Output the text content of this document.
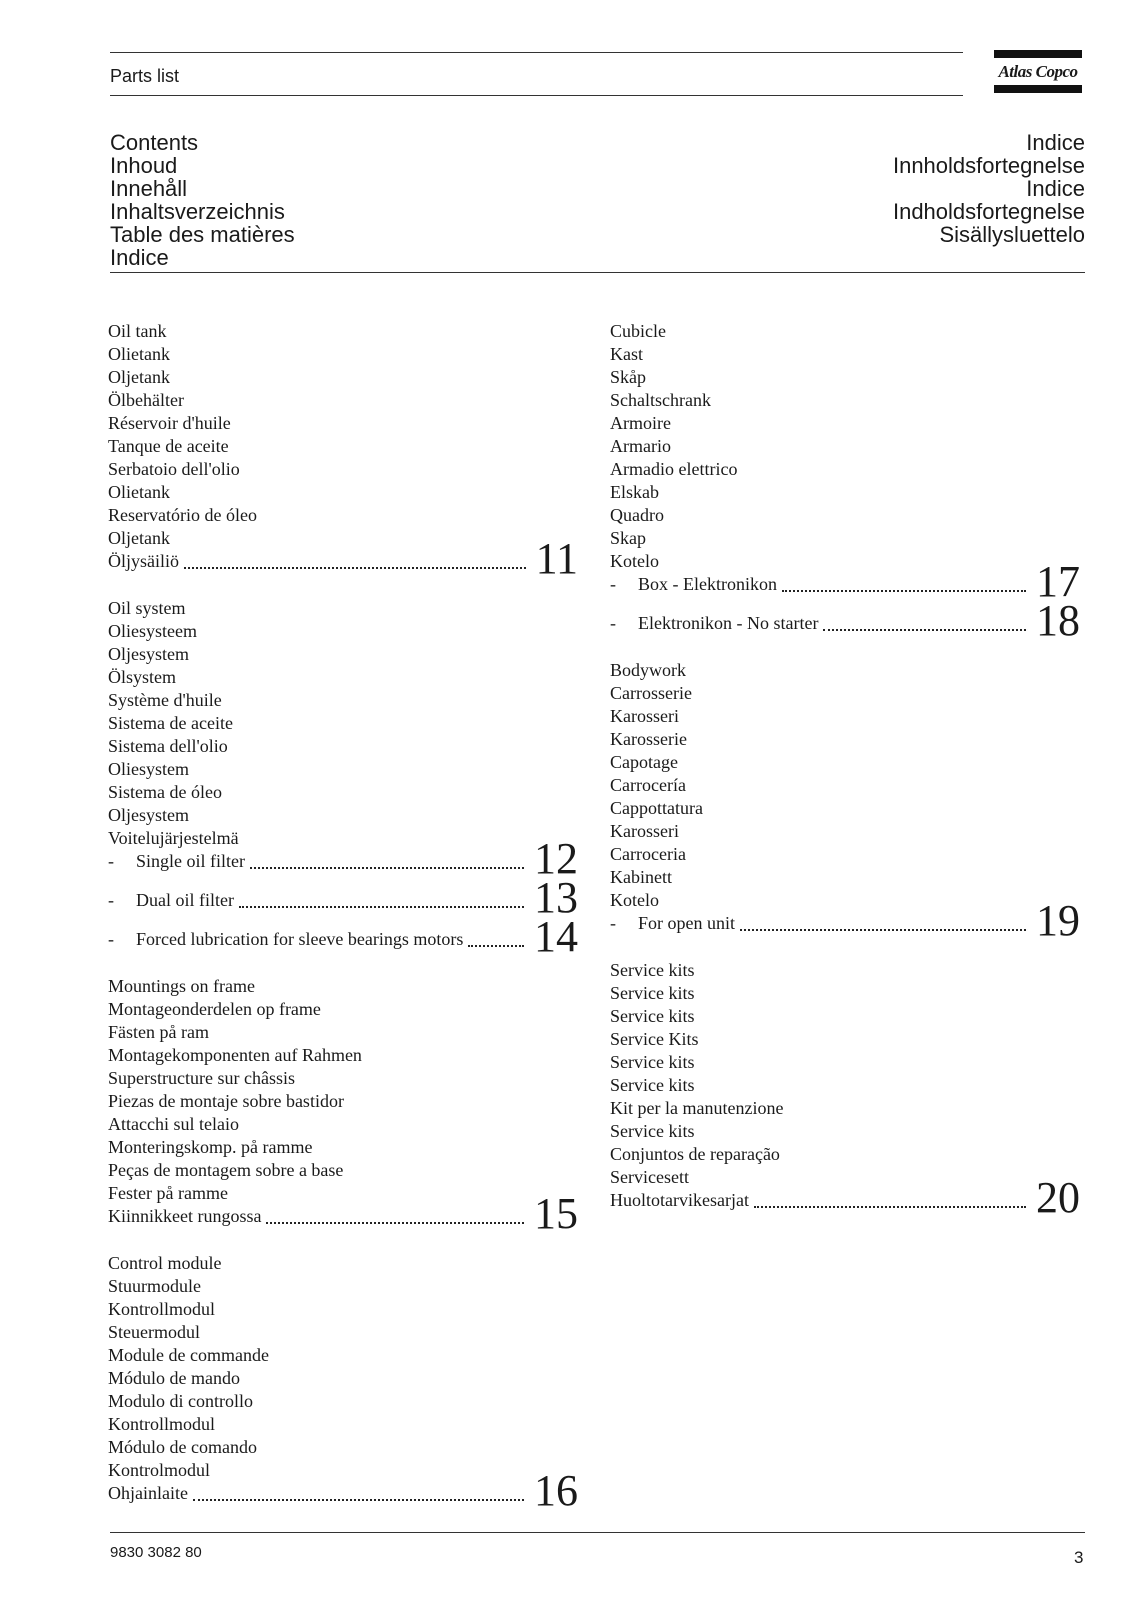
Parts list	Atlas Copco
Contents
Inhoud
Innehåll
Inhaltsverzeichnis
Table des matières
Indice
Indice
Innholdsfortegnelse
Indice
Indholdsfortegnelse
Sisällysluettelo
Oil tank
Olietank
Oljetank
Ölbehälter
Réservoir d'huile
Tanque de aceite
Serbatoio dell'olio
Olietank
Reservatório de óleo
Oljetank
Öljysäiliö	11
Oil system
Oliesysteem
Oljesystem
Ölsystem
Système d'huile
Sistema de aceite
Sistema dell'olio
Oliesystem
Sistema de óleo
Oljesystem
Voitelujärjestelmä
- Single oil filter	12
- Dual oil filter	13
- Forced lubrication for sleeve bearings motors 14
Mountings on frame
Montageonderdelen op frame
Fästen på ram
Montagekomponenten auf Rahmen
Superstructure sur châssis
Piezas de montaje sobre bastidor
Attacchi sul telaio
Monteringskomp. på ramme
Peças de montagem sobre a base
Fester på ramme
Kiinnikkeet rungossa	15
Control module
Stuurmodule
Kontrollmodul
Steuermodul
Module de commande
Módulo de mando
Modulo di controllo
Kontrollmodul
Módulo de comando
Kontrolmodul
Ohjainlaite	16
Cubicle
Kast
Skåp
Schaltschrank
Armoire
Armario
Armadio elettrico
Elskab
Quadro
Skap
Kotelo
- Box - Elektronikon	17
- Elektronikon - No starter	18
Bodywork
Carrosserie
Karosseri
Karosserie
Capotage
Carrocería
Cappottatura
Karosseri
Carroceria
Kabinett
Kotelo
- For open unit	19
Service kits
Service kits
Service kits
Service Kits
Service kits
Service kits
Kit per la manutenzione
Service kits
Conjuntos de reparação
Servicesett
Huoltotarvikesarjat	20
9830 3082 80	3
